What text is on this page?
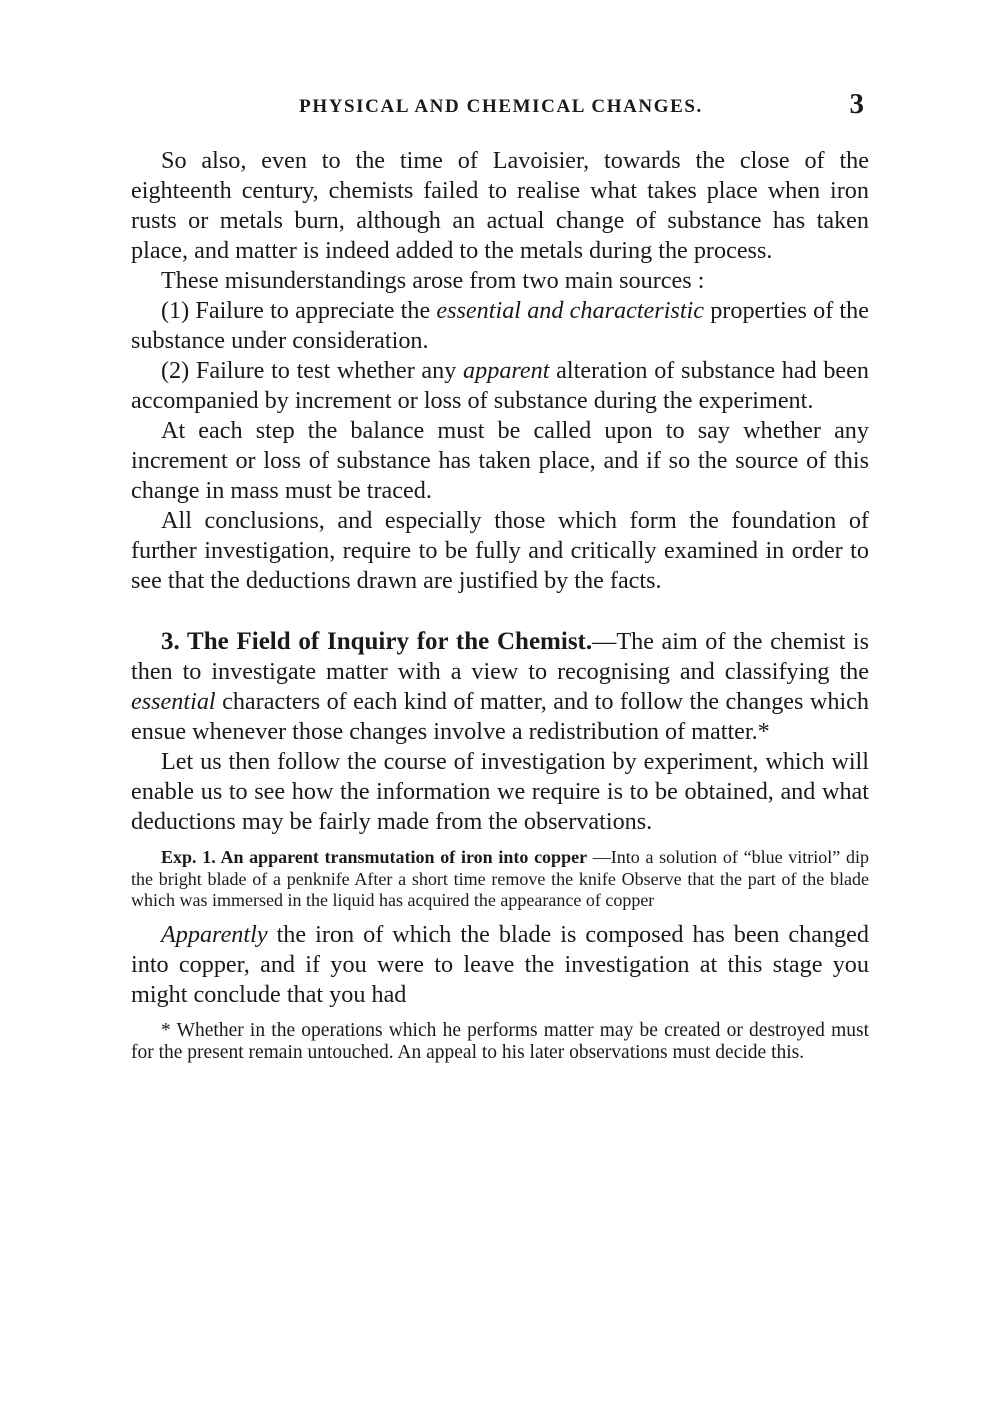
PHYSICAL AND CHEMICAL CHANGES.	3

So also, even to the time of Lavoisier, towards the close of the eighteenth century, chemists failed to realise what takes place when iron rusts or metals burn, although an actual change of substance has taken place, and matter is indeed added to the metals during the process.

These misunderstandings arose from two main sources :

(1) Failure to appreciate the essential and characteristic properties of the substance under consideration.

(2) Failure to test whether any apparent alteration of substance had been accompanied by increment or loss of substance during the experiment.

At each step the balance must be called upon to say whether any increment or loss of substance has taken place, and if so the source of this change in mass must be traced.

All conclusions, and especially those which form the foundation of further investigation, require to be fully and critically examined in order to see that the deductions drawn are justified by the facts.

3. The Field of Inquiry for the Chemist.—The aim of the chemist is then to investigate matter with a view to recognising and classifying the essential characters of each kind of matter, and to follow the changes which ensue whenever those changes involve a redistribution of matter.*

Let us then follow the course of investigation by experiment, which will enable us to see how the information we require is to be obtained, and what deductions may be fairly made from the observations.

Exp. 1. An apparent transmutation of iron into copper —Into a solution of “blue vitriol” dip the bright blade of a penknife After a short time remove the knife Observe that the part of the blade which was immersed in the liquid has acquired the appearance of copper

Apparently the iron of which the blade is composed has been changed into copper, and if you were to leave the investigation at this stage you might conclude that you had

* Whether in the operations which he performs matter may be created or destroyed must for the present remain untouched. An appeal to his later observations must decide this.
